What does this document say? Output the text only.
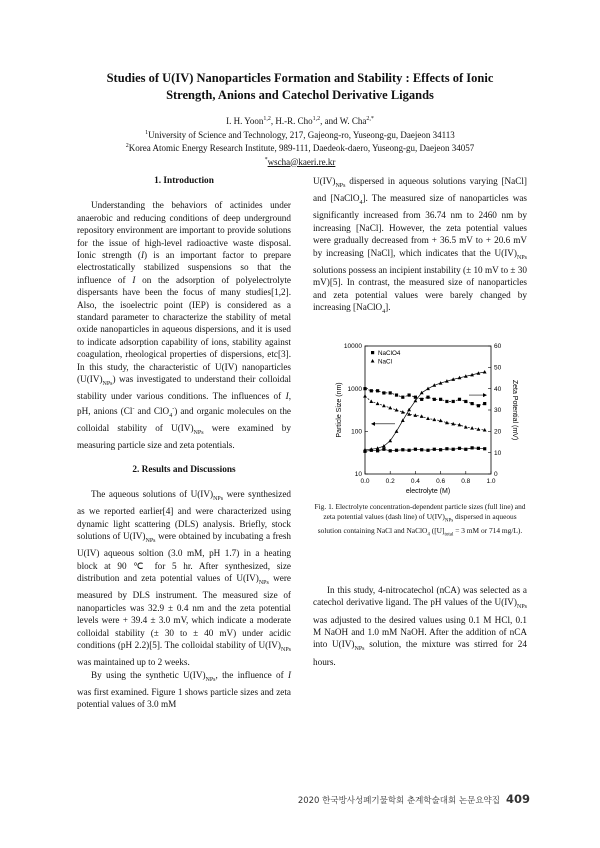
Studies of U(IV) Nanoparticles Formation and Stability : Effects of Ionic
Strength, Anions and Catechol Derivative Ligands
I. H. Yoon$^{1,2}$, H.-R. Cho$^{1,2}$, and W. Cha$^{2,*}$
$^1$University of Science and Technology, 217, Gajeong-ro, Yuseong-gu, Daejeon 34113
$^2$Korea Atomic Energy Research Institute, 989-111, Daedeok-daero, Yuseong-gu, Daejeon 34057
*wscha@kaeri.re.kr
1. Introduction

Understanding the behaviors of actinides under anaerobic and reducing conditions of deep underground repository environment are important to provide solutions for the issue of high-level radioactive waste disposal. Ionic strength (I) is an important factor to prepare electrostatically stabilized suspensions so that the influence of I on the adsorption of polyelectrolyte dispersants have been the focus of many studies[1,2]. Also, the isoelectric point (IEP) is considered as a standard parameter to characterize the stability of metal oxide nanoparticles in aqueous dispersions, and it is used to indicate adsorption capability of ions, stability against coagulation, rheological properties of dispersions, etc[3]. In this study, the characteristic of U(IV) nanoparticles $(U(IV)_{NPs})$ was investigated to understand their colloidal stability under various conditions. The influences of I, pH, anions (Cl- and ClO$_4$-) and organic molecules on the colloidal stability of $U(IV)_{NPs}$ were examined by measuring particle size and zeta potentials.

2. Results and Discussions

The aqueous solutions of $U(IV)_{NPs}$ were synthesized as we reported earlier[4] and were characterized using dynamic light scattering (DLS) analysis. Briefly, stock solutions of $U(IV)_{NPs}$ were obtained by incubating a fresh U(IV) aqueous soltion (3.0 mM, pH 1.7) in a heating block at 90 ℃ for 5 hr. After synthesized, size distribution and zeta potential values of $U(IV)_{NPs}$ were measured by DLS instrument. The measured size of nanoparticles was 32.9 ± 0.4 nm and the zeta potential levels were + 39.4 ± 3.0 mV, which indicate a moderate colloidal stability (± 30 to ± 40 mV) under acidic conditions (pH 2.2)[5]. The colloidal stability of $U(IV)_{NPs}$ was maintained up to 2 weeks.

By using the synthetic $U(IV)_{NPs}$, the influence of I was first examined. Figure 1 shows particle sizes and zeta potential values of 3.0 mM

$U(IV)_{NPs}$ dispersed in aqueous solutions varying [NaCl] and [NaClO$_4$]. The measured size of nanoparticles was significantly increased from 36.74 nm to 2460 nm by increasing [NaCl]. However, the zeta potential values were gradually decreased from + 36.5 mV to + 20.6 mV by increasing [NaCl], which indicates that the $U(IV)_{NPs}$ solutions possess an incipient instability (± 10 mV to ± 30 mV)[5]. In contrast, the measured size of nanoparticles and zeta potential values were barely changed by increasing [NaClO$_4$].

0.0 0.2 0.4 0.6 0.8 1.0
10
100
1000
10000
0
10
20
30
40
50
60
electrolyte (M)
Particle Size (nm)	Zeta Potential (mV)
NaClO4
NaCl
Fig. 1. Electrolyte concentration-dependent particle sizes (full line) and zeta potential values (dash line) of $U(IV)_{NPs}$ dispersed in aqueous solution containing NaCl and NaClO$_4$ ($[U]_{total} = 3$ mM or 714 mg/L).

In this study, 4-nitrocatechol (nCA) was selected as a catechol derivative ligand. The pH values of the $U(IV)_{NPs}$ was adjusted to the desired values using 0.1 M HCl, 0.1 M NaOH and 1.0 mM NaOH. After the addition of nCA into $U(IV)_{NPs}$ solution, the mixture was stirred for 24 hours.

2020 한국방사성폐기물학회 춘계학술대회 논문요약집 409
